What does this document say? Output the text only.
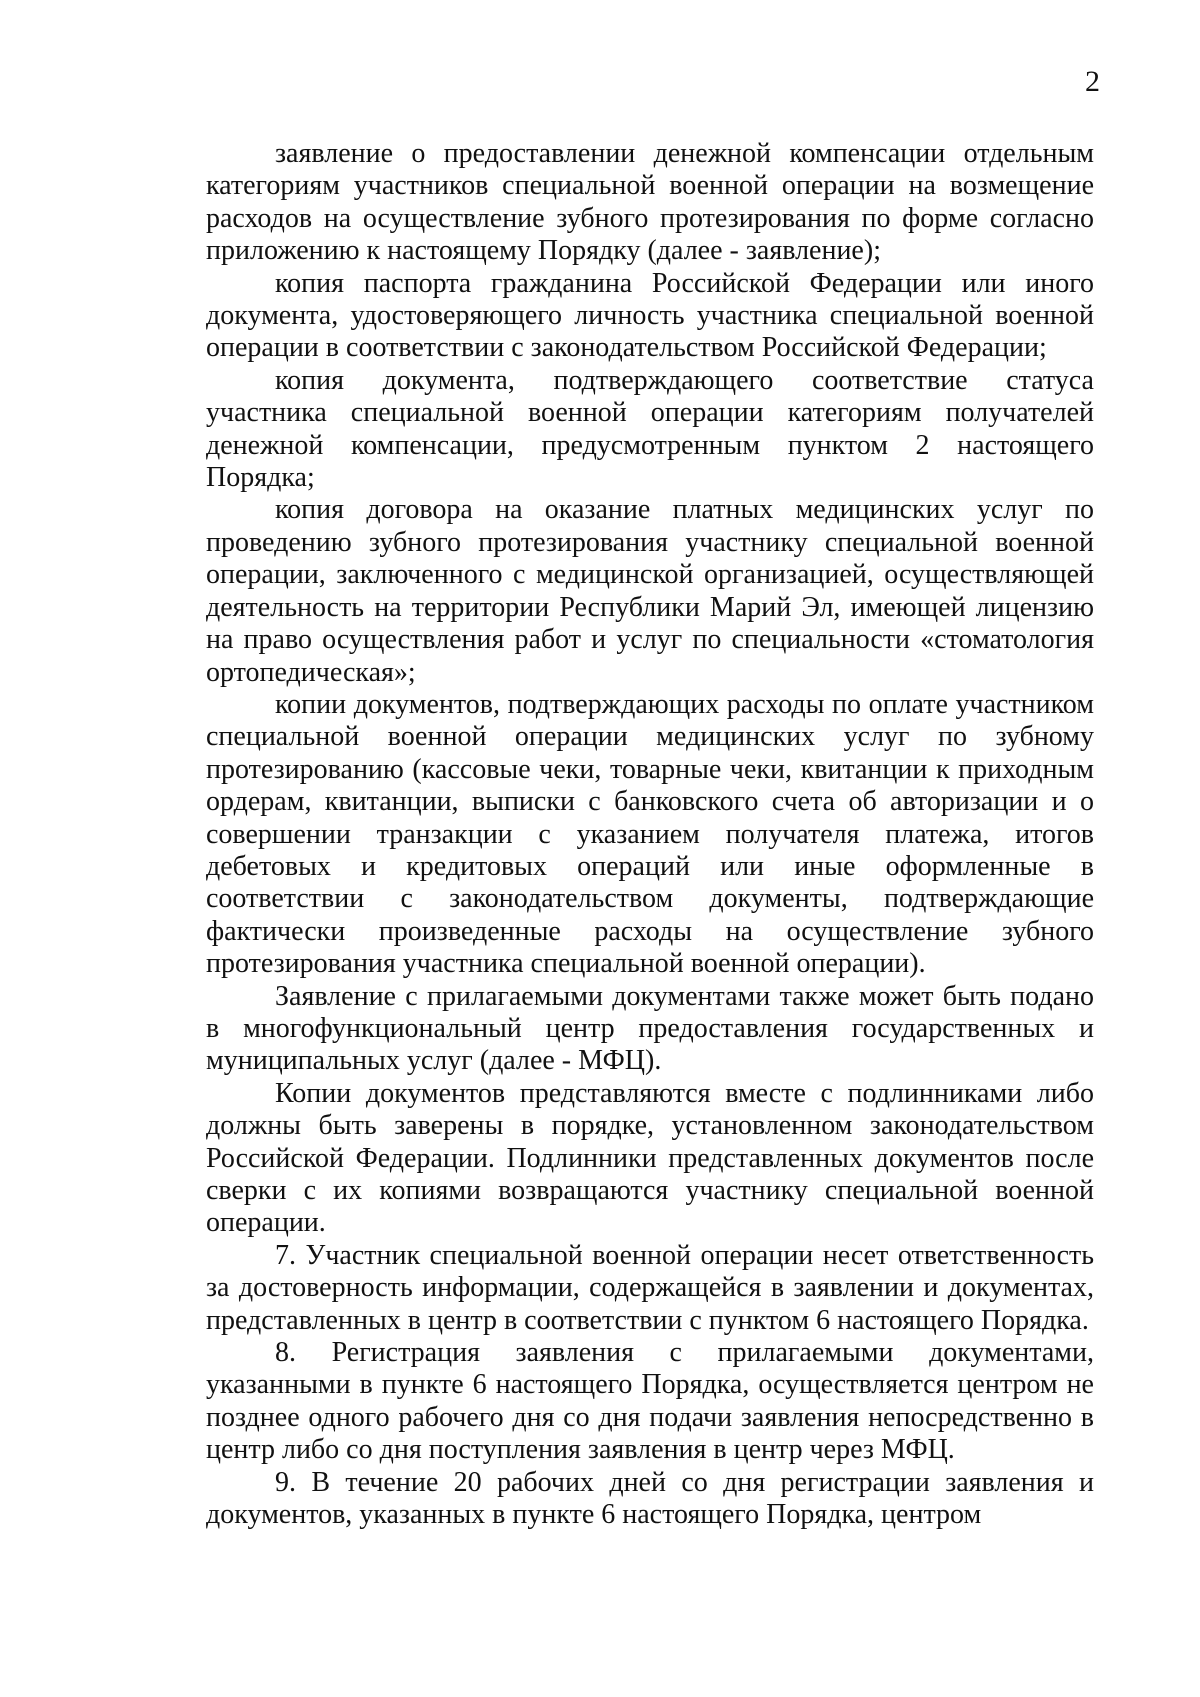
2

заявление о предоставлении денежной компенсации отдельным категориям участников специальной военной операции на возмещение расходов на осуществление зубного протезирования по форме согласно приложению к настоящему Порядку (далее - заявление);

копия паспорта гражданина Российской Федерации или иного документа, удостоверяющего личность участника специальной военной операции в соответствии с законодательством Российской Федерации;

копия документа, подтверждающего соответствие статуса участника специальной военной операции категориям получателей денежной компенсации, предусмотренным пунктом 2 настоящего Порядка;

копия договора на оказание платных медицинских услуг по проведению зубного протезирования участнику специальной военной операции, заключенного с медицинской организацией, осуществляющей деятельность на территории Республики Марий Эл, имеющей лицензию на право осуществления работ и услуг по специальности «стоматология ортопедическая»;

копии документов, подтверждающих расходы по оплате участником специальной военной операции медицинских услуг по зубному протезированию (кассовые чеки, товарные чеки, квитанции к приходным ордерам, квитанции, выписки с банковского счета об авторизации и о совершении транзакции с указанием получателя платежа, итогов дебетовых и кредитовых операций или иные оформленные в соответствии с законодательством документы, подтверждающие фактически произведенные расходы на осуществление зубного протезирования участника специальной военной операции).

Заявление с прилагаемыми документами также может быть подано в многофункциональный центр предоставления государственных и муниципальных услуг (далее - МФЦ).

Копии документов представляются вместе с подлинниками либо должны быть заверены в порядке, установленном законодательством Российской Федерации. Подлинники представленных документов после сверки с их копиями возвращаются участнику специальной военной операции.

7. Участник специальной военной операции несет ответственность за достоверность информации, содержащейся в заявлении и документах, представленных в центр в соответствии с пунктом 6 настоящего Порядка.

8. Регистрация заявления с прилагаемыми документами, указанными в пункте 6 настоящего Порядка, осуществляется центром не позднее одного рабочего дня со дня подачи заявления непосредственно в центр либо со дня поступления заявления в центр через МФЦ.

9. В течение 20 рабочих дней со дня регистрации заявления и документов, указанных в пункте 6 настоящего Порядка, центром
